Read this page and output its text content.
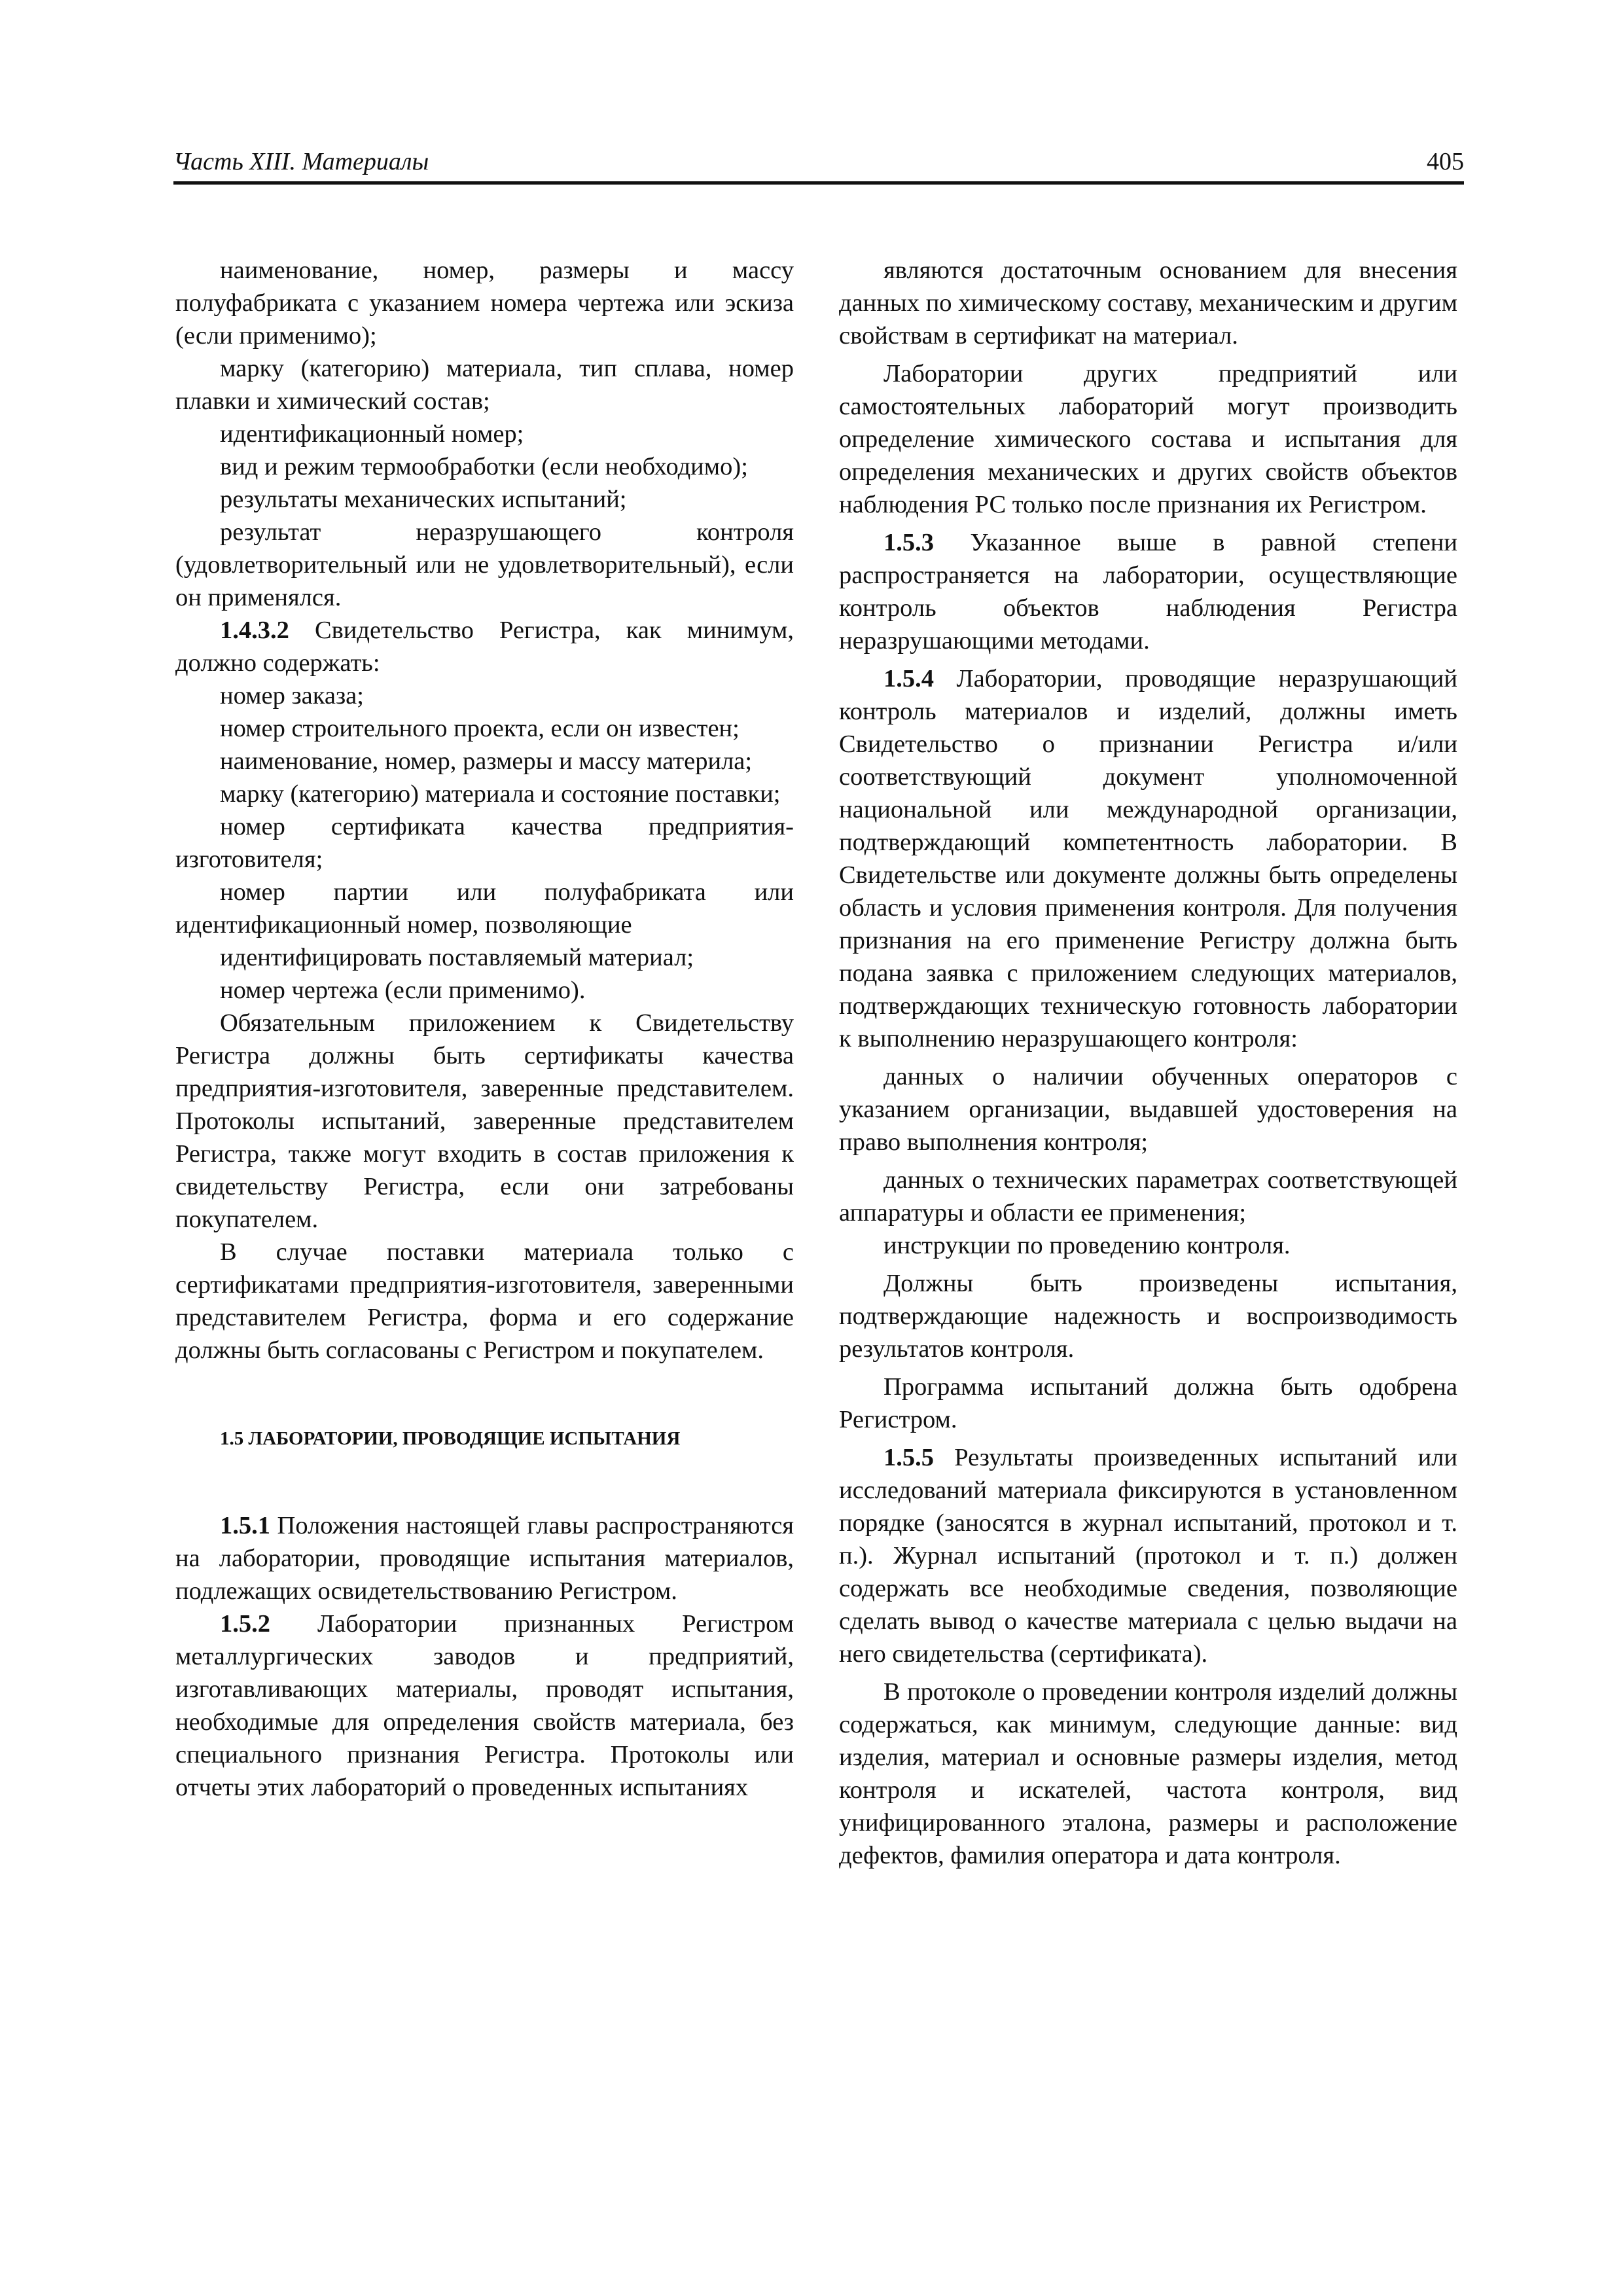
Часть XIII. Материалы	405

наименование, номер, размеры и массу полуфабриката с указанием номера чертежа или эскиза (если применимо);

марку (категорию) материала, тип сплава, номер плавки и химический состав;

идентификационный номер;

вид и режим термообработки (если необходимо);

результаты механических испытаний;

результат неразрушающего контроля (удовлетворительный или не удовлетворительный), если он применялся.

1.4.3.2 Свидетельство Регистра, как минимум, должно содержать:

номер заказа;

номер строительного проекта, если он известен;

наименование, номер, размеры и массу материла;

марку (категорию) материала и состояние поставки;

номер сертификата качества предприятия-изготовителя;

номер партии или полуфабриката или идентификационный номер, позволяющие

идентифицировать поставляемый материал;

номер чертежа (если применимо).

Обязательным приложением к Свидетельству Регистра должны быть сертификаты качества предприятия-изготовителя, заверенные представителем. Протоколы испытаний, заверенные представителем Регистра, также могут входить в состав приложения к свидетельству Регистра, если они затребованы покупателем.

В случае поставки материала только с сертификатами предприятия-изготовителя, заверенными представителем Регистра, форма и его содержание должны быть согласованы с Регистром и покупателем.

1.5 ЛАБОРАТОРИИ, ПРОВОДЯЩИЕ ИСПЫТАНИЯ

1.5.1 Положения настоящей главы распространяются на лаборатории, проводящие испытания материалов, подлежащих освидетельствованию Регистром.

1.5.2 Лаборатории признанных Регистром металлургических заводов и предприятий, изготавливающих материалы, проводят испытания, необходимые для определения свойств материала, без специального признания Регистра. Протоколы или отчеты этих лабораторий о проведенных испытаниях

являются достаточным основанием для внесения данных по химическому составу, механическим и другим свойствам в сертификат на материал.

Лаборатории других предприятий или самостоятельных лабораторий могут производить определение химического состава и испытания для определения механических и других свойств объектов наблюдения РС только после признания их Регистром.

1.5.3 Указанное выше в равной степени распространяется на лаборатории, осуществляющие контроль объектов наблюдения Регистра неразрушающими методами.

1.5.4 Лаборатории, проводящие неразрушающий контроль материалов и изделий, должны иметь Свидетельство о признании Регистра и/или соответствующий документ уполномоченной национальной или международной организации, подтверждающий компетентность лаборатории. В Свидетельстве или документе должны быть определены область и условия применения контроля. Для получения признания на его применение Регистру должна быть подана заявка с приложением следующих материалов, подтверждающих техническую готовность лаборатории к выполнению неразрушающего контроля:

данных о наличии обученных операторов с указанием организации, выдавшей удостоверения на право выполнения контроля;

данных о технических параметрах соответствующей аппаратуры и области ее применения;

инструкции по проведению контроля.

Должны быть произведены испытания, подтверждающие надежность и воспроизводимость результатов контроля.

Программа испытаний должна быть одобрена Регистром.

1.5.5 Результаты произведенных испытаний или исследований материала фиксируются в установленном порядке (заносятся в журнал испытаний, протокол и т. п.). Журнал испытаний (протокол и т. п.) должен содержать все необходимые сведения, позволяющие сделать вывод о качестве материала с целью выдачи на него свидетельства (сертификата).

В протоколе о проведении контроля изделий должны содержаться, как минимум, следующие данные: вид изделия, материал и основные размеры изделия, метод контроля и искателей, частота контроля, вид унифицированного эталона, размеры и расположение дефектов, фамилия оператора и дата контроля.
